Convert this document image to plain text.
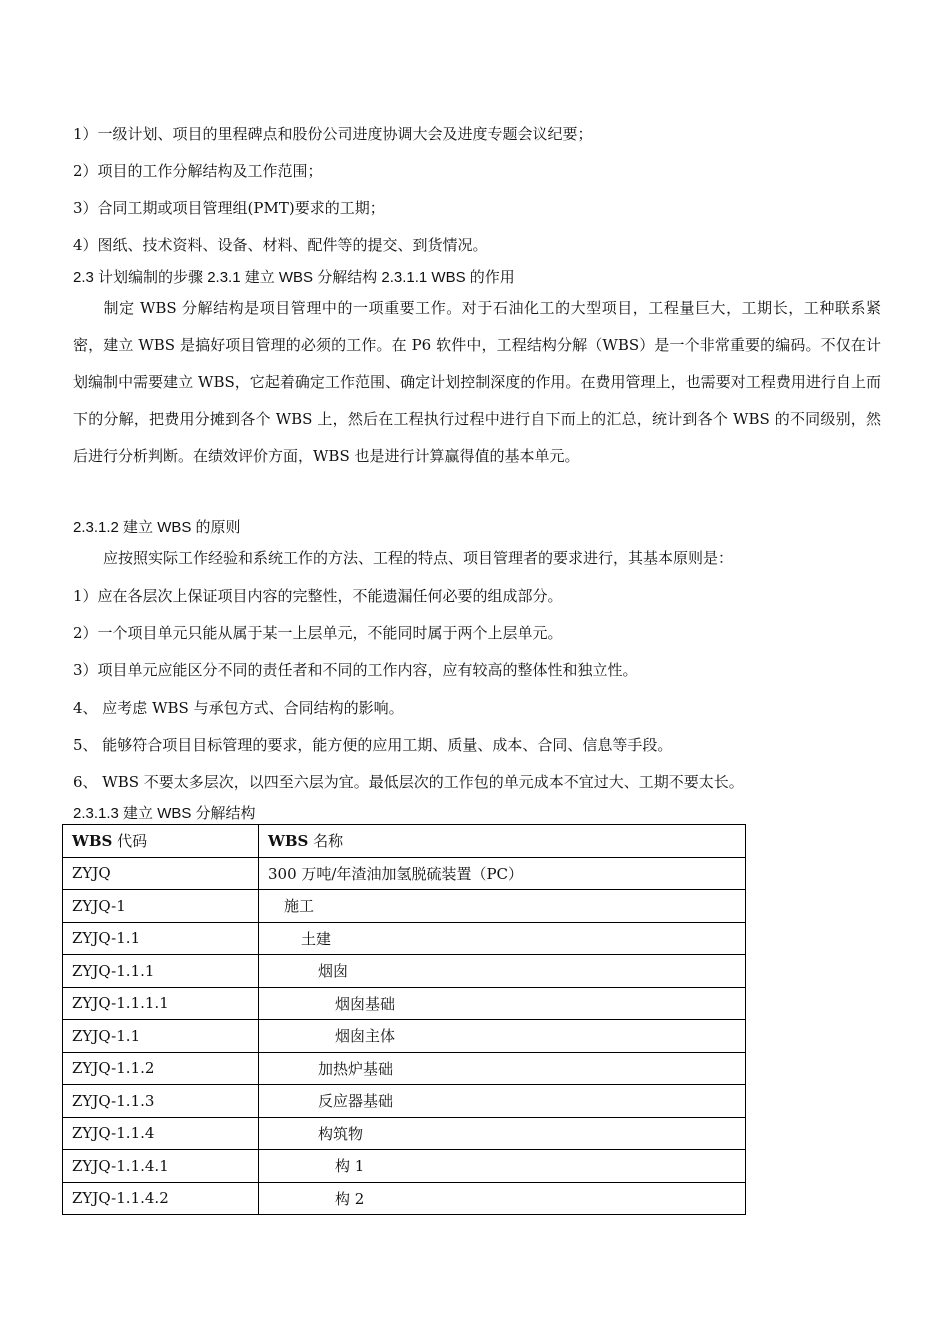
1）一级计划、项目的里程碑点和股份公司进度协调大会及进度专题会议纪要；
2）项目的工作分解结构及工作范围；
3）合同工期或项目管理组(PMT)要求的工期；
4）图纸、技术资料、设备、材料、配件等的提交、到货情况。
2.3 计划编制的步骤 2.3.1 建立 WBS 分解结构 2.3.1.1 WBS 的作用
制定 WBS 分解结构是项目管理中的一项重要工作。对于石油化工的大型项目，工程量巨大，工期长，工种联系紧密，建立 WBS 是搞好项目管理的必须的工作。在 P6 软件中，工程结构分解（WBS）是一个非常重要的编码。不仅在计划编制中需要建立 WBS，它起着确定工作范围、确定计划控制深度的作用。在费用管理上，也需要对工程费用进行自上而下的分解，把费用分摊到各个 WBS 上，然后在工程执行过程中进行自下而上的汇总，统计到各个 WBS 的不同级别，然后进行分析判断。在绩效评价方面，WBS 也是进行计算赢得值的基本单元。
2.3.1.2 建立 WBS 的原则
应按照实际工作经验和系统工作的方法、工程的特点、项目管理者的要求进行，其基本原则是：
1）应在各层次上保证项目内容的完整性，不能遗漏任何必要的组成部分。
2）一个项目单元只能从属于某一上层单元，不能同时属于两个上层单元。
3）项目单元应能区分不同的责任者和不同的工作内容，应有较高的整体性和独立性。
4、 应考虑 WBS 与承包方式、合同结构的影响。
5、 能够符合项目目标管理的要求，能方便的应用工期、质量、成本、合同、信息等手段。
6、 WBS 不要太多层次，以四至六层为宜。最低层次的工作包的单元成本不宜过大、工期不要太长。
2.3.1.3 建立 WBS 分解结构
WBS 代码	WBS 名称
ZYJQ	300 万吨/年渣油加氢脱硫装置（PC）
ZYJQ-1	施工
ZYJQ-1.1	土建
ZYJQ-1.1.1	烟囱
ZYJQ-1.1.1.1	烟囱基础
ZYJQ-1.1	烟囱主体
ZYJQ-1.1.2	加热炉基础
ZYJQ-1.1.3	反应器基础
ZYJQ-1.1.4	构筑物
ZYJQ-1.1.4.1	构 1
ZYJQ-1.1.4.2	构 2
